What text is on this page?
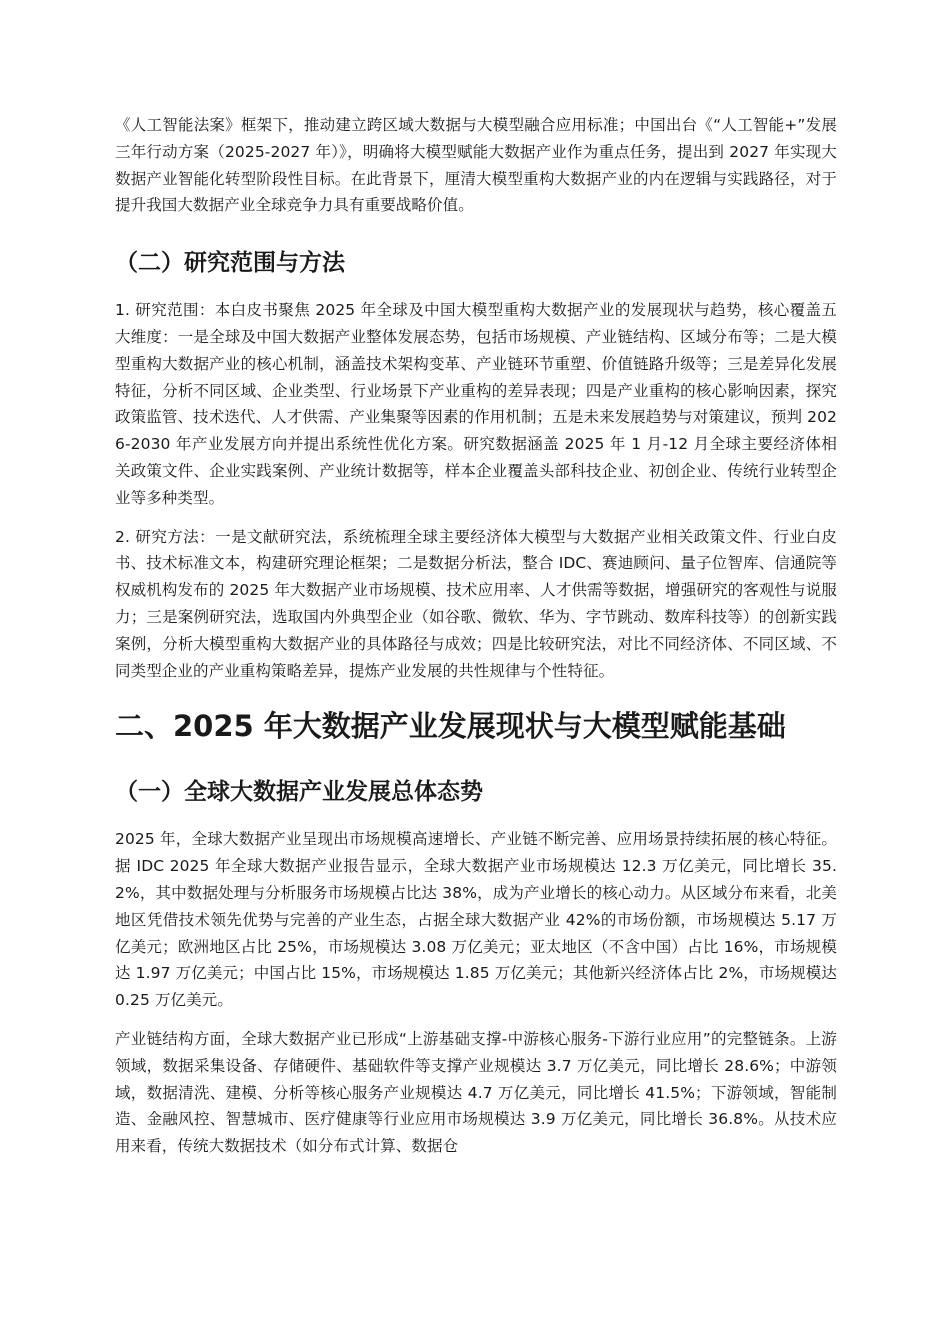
《人工智能法案》框架下，推动建立跨区域大数据与大模型融合应用标准；中国出台《“人工智能+”发展三年行动方案（2025-2027 年）》，明确将大模型赋能大数据产业作为重点任务，提出到 2027 年实现大数据产业智能化转型阶段性目标。在此背景下，厘清大模型重构大数据产业的内在逻辑与实践路径，对于提升我国大数据产业全球竞争力具有重要战略价值。

（二）研究范围与方法

1. 研究范围：本白皮书聚焦 2025 年全球及中国大模型重构大数据产业的发展现状与趋势，核心覆盖五大维度：一是全球及中国大数据产业整体发展态势，包括市场规模、产业链结构、区域分布等；二是大模型重构大数据产业的核心机制，涵盖技术架构变革、产业链环节重塑、价值链路升级等；三是差异化发展特征，分析不同区域、企业类型、行业场景下产业重构的差异表现；四是产业重构的核心影响因素，探究政策监管、技术迭代、人才供需、产业集聚等因素的作用机制；五是未来发展趋势与对策建议，预判 2026-2030 年产业发展方向并提出系统性优化方案。研究数据涵盖 2025 年 1 月-12 月全球主要经济体相关政策文件、企业实践案例、产业统计数据等，样本企业覆盖头部科技企业、初创企业、传统行业转型企业等多种类型。

2. 研究方法：一是文献研究法，系统梳理全球主要经济体大模型与大数据产业相关政策文件、行业白皮书、技术标准文本，构建研究理论框架；二是数据分析法，整合 IDC、赛迪顾问、量子位智库、信通院等权威机构发布的 2025 年大数据产业市场规模、技术应用率、人才供需等数据，增强研究的客观性与说服力；三是案例研究法，选取国内外典型企业（如谷歌、微软、华为、字节跳动、数库科技等）的创新实践案例，分析大模型重构大数据产业的具体路径与成效；四是比较研究法，对比不同经济体、不同区域、不同类型企业的产业重构策略差异，提炼产业发展的共性规律与个性特征。

二、2025 年大数据产业发展现状与大模型赋能基础
（一）全球大数据产业发展总体态势

2025 年，全球大数据产业呈现出市场规模高速增长、产业链不断完善、应用场景持续拓展的核心特征。据 IDC 2025 年全球大数据产业报告显示，全球大数据产业市场规模达 12.3 万亿美元，同比增长 35.2%，其中数据处理与分析服务市场规模占比达 38%，成为产业增长的核心动力。从区域分布来看，北美地区凭借技术领先优势与完善的产业生态，占据全球大数据产业 42%的市场份额，市场规模达 5.17 万亿美元；欧洲地区占比 25%，市场规模达 3.08 万亿美元；亚太地区（不含中国）占比 16%，市场规模达 1.97 万亿美元；中国占比 15%，市场规模达 1.85 万亿美元；其他新兴经济体占比 2%，市场规模达 0.25 万亿美元。

产业链结构方面，全球大数据产业已形成“上游基础支撑-中游核心服务-下游行业应用”的完整链条。上游领域，数据采集设备、存储硬件、基础软件等支撑产业规模达 3.7 万亿美元，同比增长 28.6%；中游领域，数据清洗、建模、分析等核心服务产业规模达 4.7 万亿美元，同比增长 41.5%；下游领域，智能制造、金融风控、智慧城市、医疗健康等行业应用市场规模达 3.9 万亿美元，同比增长 36.8%。从技术应用来看，传统大数据技术（如分布式计算、数据仓
